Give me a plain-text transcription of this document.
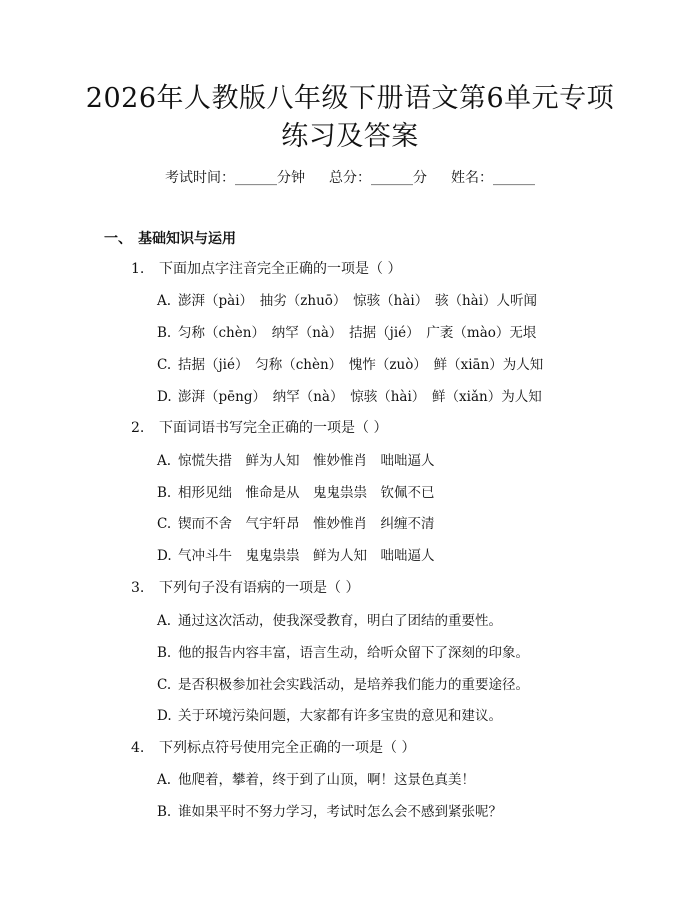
2026年人教版八年级下册语文第6单元专项
练习及答案
考试时间：______分钟 总分：______分 姓名：______
一、 基础知识与运用
1. 下面加点字注音完全正确的一项是（ ）
A. 澎湃（pài）　抽劣（zhuō）　惊骇（hài）　骇（hài）人听闻
B. 匀称（chèn）　纳罕（nà）　拮据（jié）　广袤（mào）无垠
C. 拮据（jié）　匀称（chèn）　愧怍（zuò）　鲜（xiān）为人知
D. 澎湃（pēng）　纳罕（nà）　惊骇（hài）　鲜（xiǎn）为人知
2. 下面词语书写完全正确的一项是（ ）
A. 惊慌失措　鲜为人知　惟妙惟肖　咄咄逼人
B. 相形见绌　惟命是从　鬼鬼祟祟　钦佩不已
C. 锲而不舍　气宇轩昂　惟妙惟肖　纠缠不清
D. 气冲斗牛　鬼鬼祟祟　鲜为人知　咄咄逼人
3. 下列句子没有语病的一项是（ ）
A. 通过这次活动，使我深受教育，明白了团结的重要性。
B. 他的报告内容丰富，语言生动，给听众留下了深刻的印象。
C. 是否积极参加社会实践活动，是培养我们能力的重要途径。
D. 关于环境污染问题，大家都有许多宝贵的意见和建议。
4. 下列标点符号使用完全正确的一项是（ ）
A. 他爬着，攀着，终于到了山顶，啊！这景色真美！
B. 谁如果平时不努力学习，考试时怎么会不感到紧张呢？
